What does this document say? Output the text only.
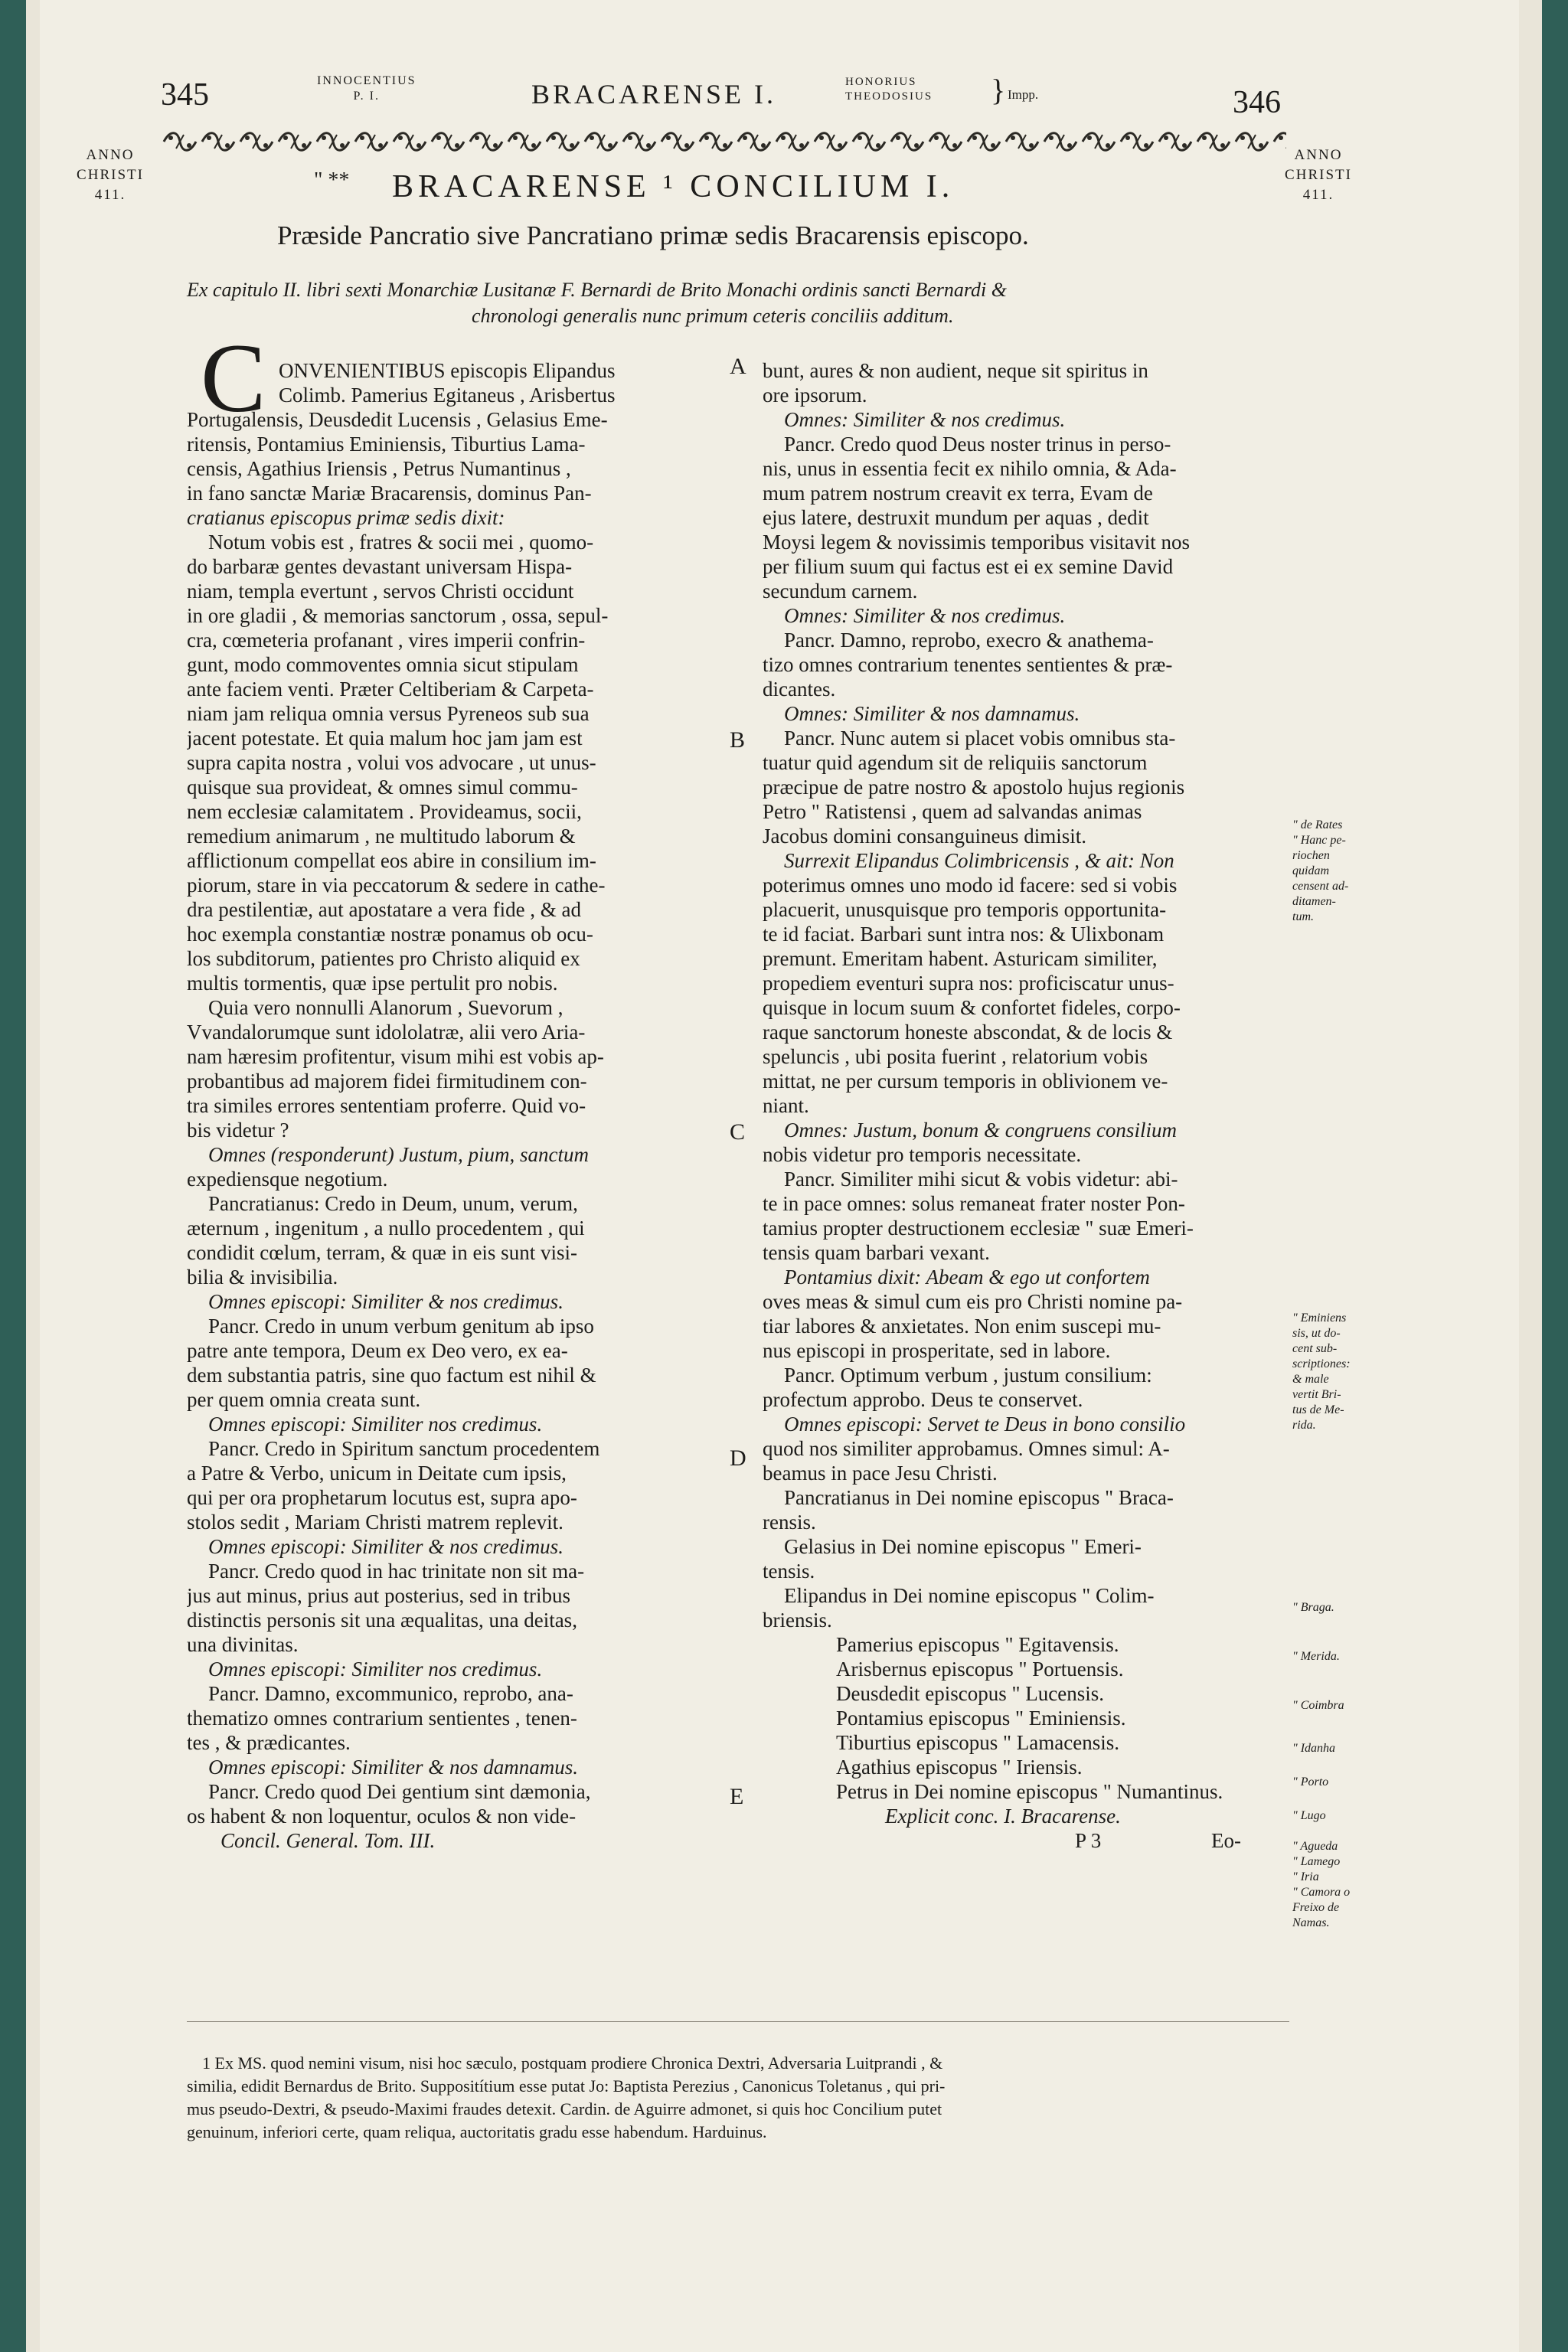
345	INNOCENTIUS
P. I.	BRACARENSE I.	HONORIUS
THEODOSIUS } Impp.	346
ANNO
CHRISTI
411.
ANNO
CHRISTI
411.
" ** BRACARENSE ¹ CONCILIUM I.
Præside Pancratio sive Pancratiano primæ sedis Bracarensis episcopo.
Ex capitulo II. libri sexti Monarchiæ Lusitanæ F. Bernardi de Brito Monachi ordinis sancti Bernardi &
chronologi generalis nunc primum ceteris conciliis additum.
A
B
C
D
E
C ONVENIENTIBUS episcopis Elipandus
Colimb. Pamerius Egitaneus , Arisbertus
Portugalensis, Deusdedit Lucensis , Gelasius Eme-
ritensis, Pontamius Eminiensis, Tiburtius Lama-
censis, Agathius Iriensis , Petrus Numantinus ,
in fano sanctæ Mariæ Bracarensis, dominus Pan-
cratianus episcopus primæ sedis dixit:
Notum vobis est , fratres & socii mei , quomo-
do barbaræ gentes devastant universam Hispa-
niam, templa evertunt , servos Christi occidunt
in ore gladii , & memorias sanctorum , ossa, sepul-
cra, cœmeteria profanant , vires imperii confrin-
gunt, modo commoventes omnia sicut stipulam
ante faciem venti. Præter Celtiberiam & Carpeta-
niam jam reliqua omnia versus Pyreneos sub sua
jacent potestate. Et quia malum hoc jam jam est
supra capita nostra , volui vos advocare , ut unus-
quisque sua provideat, & omnes simul commu-
nem ecclesiæ calamitatem . Provideamus, socii,
remedium animarum , ne multitudo laborum &
afflictionum compellat eos abire in consilium im-
piorum, stare in via peccatorum & sedere in cathe-
dra pestilentiæ, aut apostatare a vera fide , & ad
hoc exempla constantiæ nostræ ponamus ob ocu-
los subditorum, patientes pro Christo aliquid ex
multis tormentis, quæ ipse pertulit pro nobis.
Quia vero nonnulli Alanorum , Suevorum ,
Vvandalorumque sunt idololatræ, alii vero Aria-
nam hæresim profitentur, visum mihi est vobis ap-
probantibus ad majorem fidei firmitudinem con-
tra similes errores sententiam proferre. Quid vo-
bis videtur ?
Omnes (responderunt) Justum, pium, sanctum
expediensque negotium.
Pancratianus: Credo in Deum, unum, verum,
æternum , ingenitum , a nullo procedentem , qui
condidit cœlum, terram, & quæ in eis sunt visi-
bilia & invisibilia.
Omnes episcopi: Similiter & nos credimus.
Pancr. Credo in unum verbum genitum ab ipso
patre ante tempora, Deum ex Deo vero, ex ea-
dem substantia patris, sine quo factum est nihil &
per quem omnia creata sunt.
Omnes episcopi: Similiter nos credimus.
Pancr. Credo in Spiritum sanctum procedentem
a Patre & Verbo, unicum in Deitate cum ipsis,
qui per ora prophetarum locutus est, supra apo-
stolos sedit , Mariam Christi matrem replevit.
Omnes episcopi: Similiter & nos credimus.
Pancr. Credo quod in hac trinitate non sit ma-
jus aut minus, prius aut posterius, sed in tribus
distinctis personis sit una æqualitas, una deitas,
una divinitas.
Omnes episcopi: Similiter nos credimus.
Pancr. Damno, excommunico, reprobo, ana-
thematizo omnes contrarium sentientes , tenen-
tes , & prædicantes.
Omnes episcopi: Similiter & nos damnamus.
Pancr. Credo quod Dei gentium sint dæmonia,
os habent & non loquentur, oculos & non vide-
Concil. General. Tom. III.
bunt, aures & non audient, neque sit spiritus in
ore ipsorum.
Omnes: Similiter & nos credimus.
Pancr. Credo quod Deus noster trinus in perso-
nis, unus in essentia fecit ex nihilo omnia, & Ada-
mum patrem nostrum creavit ex terra, Evam de
ejus latere, destruxit mundum per aquas , dedit
Moysi legem & novissimis temporibus visitavit nos
per filium suum qui factus est ei ex semine David
secundum carnem.
Omnes: Similiter & nos credimus.
Pancr. Damno, reprobo, execro & anathema-
tizo omnes contrarium tenentes sentientes & præ-
dicantes.
Omnes: Similiter & nos damnamus.
Pancr. Nunc autem si placet vobis omnibus sta-
tuatur quid agendum sit de reliquiis sanctorum
præcipue de patre nostro & apostolo hujus regionis
Petro " Ratistensi , quem ad salvandas animas
Jacobus domini consanguineus dimisit.
Surrexit Elipandus Colimbricensis , & ait: Non
poterimus omnes uno modo id facere: sed si vobis
placuerit, unusquisque pro temporis opportunita-
te id faciat. Barbari sunt intra nos: & Ulixbonam
premunt. Emeritam habent. Asturicam similiter,
propediem eventuri supra nos: proficiscatur unus-
quisque in locum suum & confortet fideles, corpo-
raque sanctorum honeste abscondat, & de locis &
speluncis , ubi posita fuerint , relatorium vobis
mittat, ne per cursum temporis in oblivionem ve-
niant.
Omnes: Justum, bonum & congruens consilium
nobis videtur pro temporis necessitate.
Pancr. Similiter mihi sicut & vobis videtur: abi-
te in pace omnes: solus remaneat frater noster Pon-
tamius propter destructionem ecclesiæ " suæ Emeri-
tensis quam barbari vexant.
Pontamius dixit: Abeam & ego ut confortem
oves meas & simul cum eis pro Christi nomine pa-
tiar labores & anxietates. Non enim suscepi mu-
nus episcopi in prosperitate, sed in labore.
Pancr. Optimum verbum , justum consilium:
profectum approbo. Deus te conservet.
Omnes episcopi: Servet te Deus in bono consilio
quod nos similiter approbamus. Omnes simul: A-
beamus in pace Jesu Christi.
Pancratianus in Dei nomine episcopus " Braca-
rensis.
Gelasius in Dei nomine episcopus " Emeri-
tensis.
Elipandus in Dei nomine episcopus " Colim-
briensis.
Pamerius episcopus " Egitavensis.
Arisbernus episcopus " Portuensis.
Deusdedit episcopus " Lucensis.
Pontamius episcopus " Eminiensis.
Tiburtius episcopus " Lamacensis.
Agathius episcopus " Iriensis.
Petrus in Dei nomine episcopus " Numantinus.
Explicit conc. I. Bracarense.
P 3	Eo-
" de Rates
" Hanc pe-
riochen
quidam
censent ad-
ditamen-
tum.
" Eminiens
sis, ut do-
cent sub-
scriptiones:
& male
vertit Bri-
tus de Me-
rida.
" Braga.
" Merida.
" Coimbra
" Idanha
" Porto
" Lugo
" Agueda
" Lamego
" Iria
" Camora o
Freixo de
Namas.
1 Ex MS. quod nemini visum, nisi hoc sæculo, postquam prodiere Chronica Dextri, Adversaria Luitprandi , &
similia, edidit Bernardus de Brito. Suppositítium esse putat Jo: Baptista Perezius , Canonicus Toletanus , qui pri-
mus pseudo-Dextri, & pseudo-Maximi fraudes detexit. Cardin. de Aguirre admonet, si quis hoc Concilium putet
genuinum, inferiori certe, quam reliqua, auctoritatis gradu esse habendum. Harduinus.
